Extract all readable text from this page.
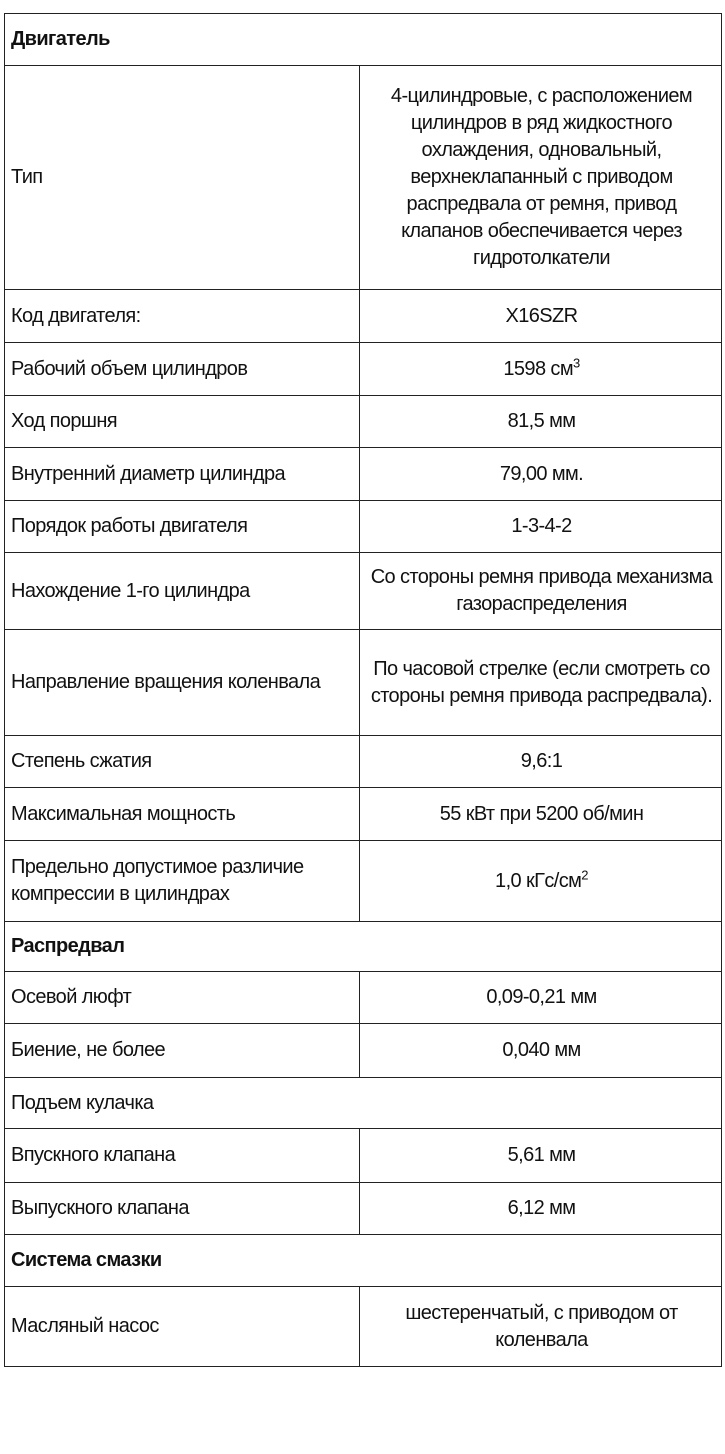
Двигатель	
Тип	4-цилиндровые, с расположением цилиндров в ряд жидкостного охлаждения, одновальный, верхнеклапанный с приводом распредвала от ремня, привод клапанов обеспечивается через гидротолкатели
Код двигателя:	X16SZR
Рабочий объем цилиндров	1598 $см^3$
Ход поршня	81,5 мм
Внутренний диаметр цилиндра	79,00 мм.
Порядок работы двигателя	1-3-4-2
Нахождение 1-го цилиндра	Со стороны ремня привода механизма газораспределения
Направление вращения коленвала	По часовой стрелке (если смотреть со стороны ремня привода распредвала).
Степень сжатия	9,6:1
Максимальная мощность	55 кВт при 5200 об/мин
Предельно допустимое различие компрессии в цилиндрах	1,0 кГс/$см^2$
Распредвал	
Осевой люфт	0,09-0,21 мм
Биение, не более	0,040 мм
Подъем кулачка	
Впускного клапана	5,61 мм
Выпускного клапана	6,12 мм
Система смазки	
Масляный насос	шестеренчатый, с приводом от коленвала
